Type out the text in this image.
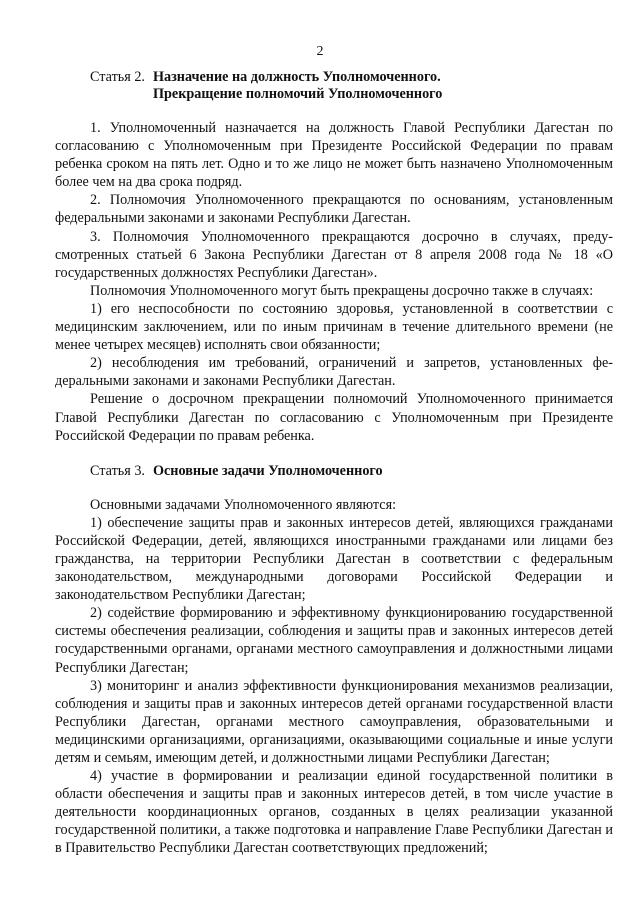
2
Статья 2. Назначение на должность Уполномоченного.
Прекращение полномочий Уполномоченного

1. Уполномоченный назначается на должность Главой Республики Дагестан по согласованию с Уполномоченным при Президенте Российской Федерации по правам ребенка сроком на пять лет. Одно и то же лицо не может быть назначено Уполномоченным более чем на два срока подряд.

2. Полномочия Уполномоченного прекращаются по основаниям, установленным федеральными законами и законами Республики Дагестан.

3. Полномочия Уполномоченного прекращаются досрочно в случаях, предусмотренных статьей 6 Закона Республики Дагестан от 8 апреля 2008 года № 18 «О государственных должностях Республики Дагестан».

Полномочия Уполномоченного могут быть прекращены досрочно также в случаях:

1) его неспособности по состоянию здоровья, установленной в соответствии с медицинским заключением, или по иным причинам в течение длительного времени (не менее четырех месяцев) исполнять свои обязанности;

2) несоблюдения им требований, ограничений и запретов, установленных федеральными законами и законами Республики Дагестан.

Решение о досрочном прекращении полномочий Уполномоченного принимается Главой Республики Дагестан по согласованию с Уполномоченным при Президенте Российской Федерации по правам ребенка.

Статья 3. Основные задачи Уполномоченного

Основными задачами Уполномоченного являются:

1) обеспечение защиты прав и законных интересов детей, являющихся гражданами Российской Федерации, детей, являющихся иностранными гражданами или лицами без гражданства, на территории Республики Дагестан в соответствии с федеральным законодательством, международными договорами Российской Федерации и законодательством Республики Дагестан;

2) содействие формированию и эффективному функционированию государственной системы обеспечения реализации, соблюдения и защиты прав и законных интересов детей государственными органами, органами местного самоуправления и должностными лицами Республики Дагестан;

3) мониторинг и анализ эффективности функционирования механизмов реализации, соблюдения и защиты прав и законных интересов детей органами государственной власти Республики Дагестан, органами местного самоуправления, образовательными и медицинскими организациями, организациями, оказывающими социальные и иные услуги детям и семьям, имеющим детей, и должностными лицами Республики Дагестан;

4) участие в формировании и реализации единой государственной политики в области обеспечения и защиты прав и законных интересов детей, в том числе участие в деятельности координационных органов, созданных в целях реализации указанной государственной политики, а также подготовка и направление Главе Республики Дагестан и в Правительство Республики Дагестан соответствующих предложений;
